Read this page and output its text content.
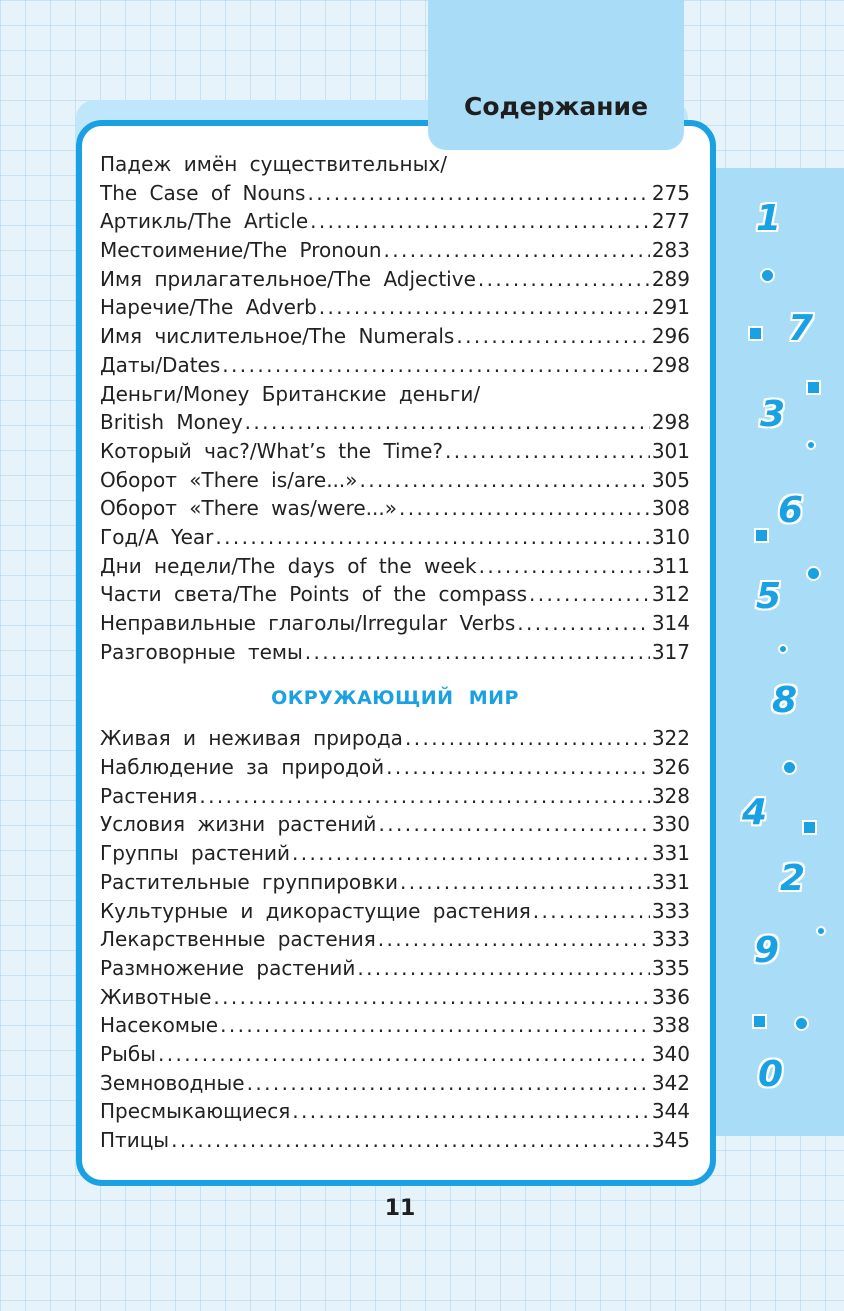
Содержание
Падеж имён существительных/
The Case of Nouns .....	275
Артикль/The Article .....	277
Местоимение/The Pronoun .....	283
Имя прилагательное/The Adjective .....	289
Наречие/The Adverb .....	291
Имя числительное/The Numerals .....	296
Даты/Dates .....	298
Деньги/Money Британские деньги/
British Money .....	298
Который час?/What’s the Time? .....	301
Оборот «There is/are...» .....	305
Оборот «There was/were...» .....	308
Год/A Year .....	310
Дни недели/The days of the week .....	311
Части света/The Points of the compass .....	312
Неправильные глаголы/Irregular Verbs .....	314
Разговорные темы .....	317
ОКРУЖАЮЩИЙ МИР
Живая и неживая природа .....	322
Наблюдение за природой .....	326
Растения .....	328
Условия жизни растений .....	330
Группы растений .....	331
Растительные группировки .....	331
Культурные и дикорастущие растения .....	333
Лекарственные растения .....	333
Размножение растений .....	335
Животные .....	336
Насекомые .....	338
Рыбы .....	340
Земноводные .....	342
Пресмыкающиеся .....	344
Птицы .....	345
1
7
3
6
5
8
4
2
9
0
11
